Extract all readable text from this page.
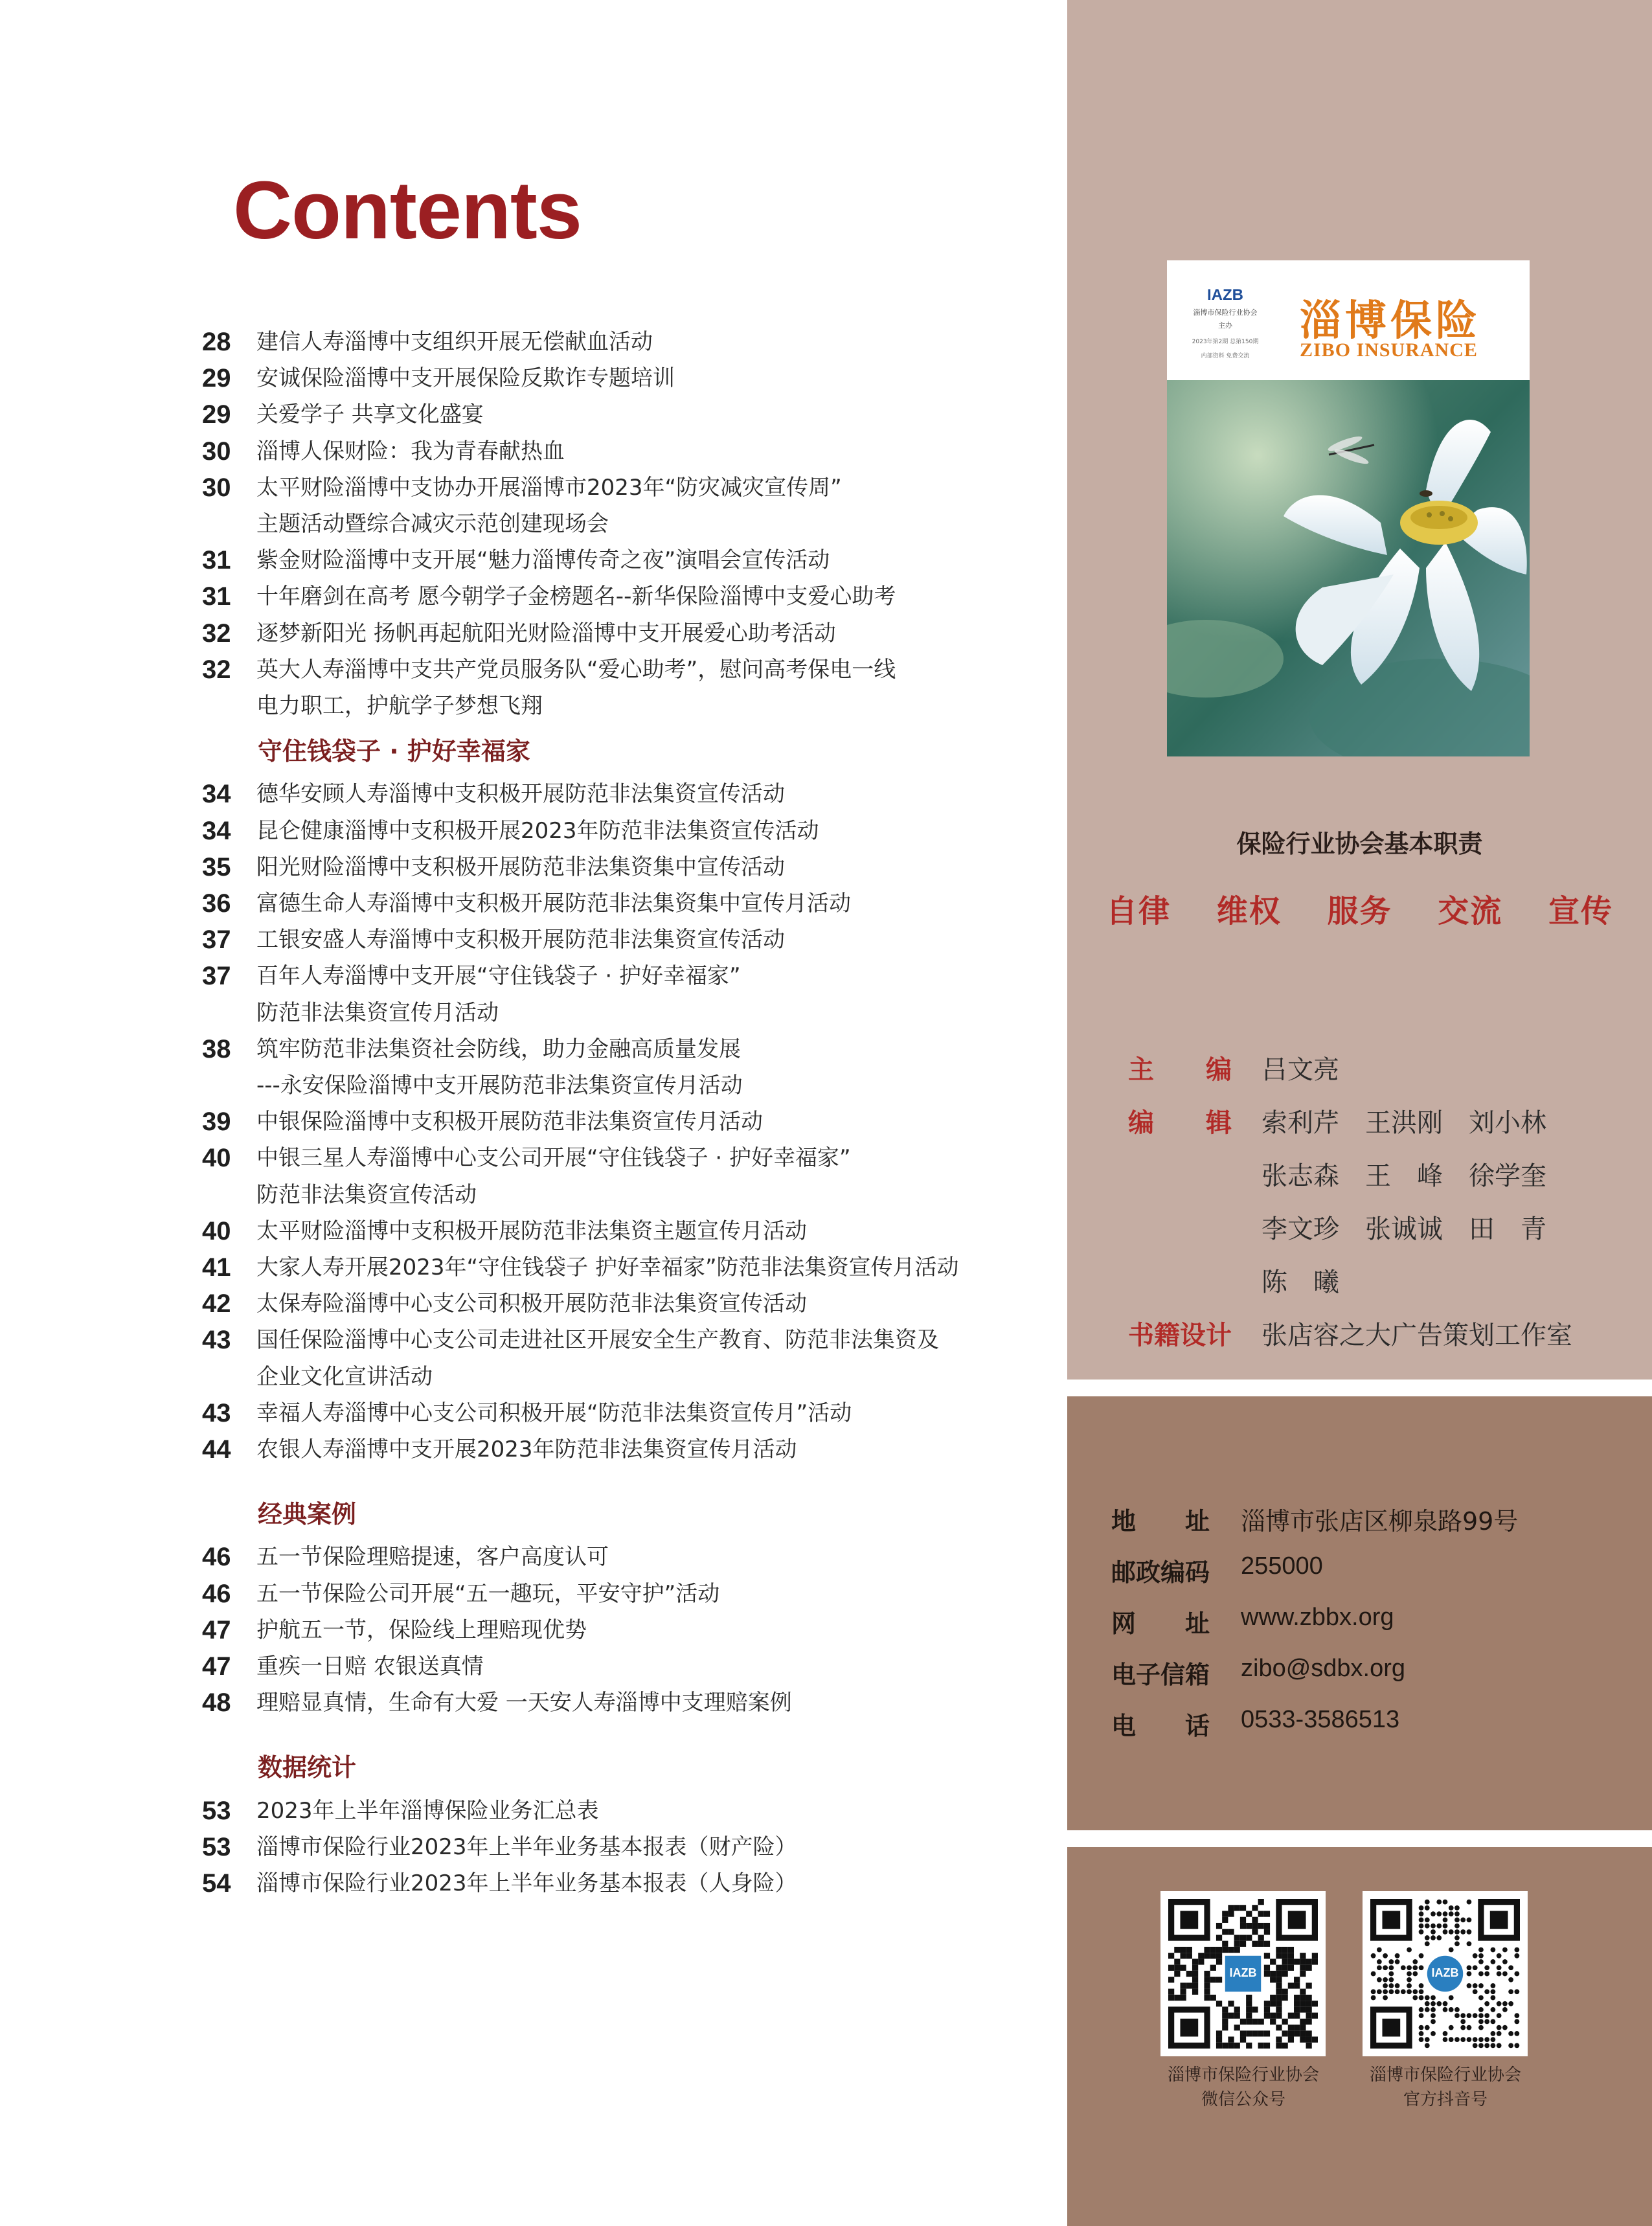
Contents
28 建信人寿淄博中支组织开展无偿献血活动
29 安诚保险淄博中支开展保险反欺诈专题培训
29 关爱学子 共享文化盛宴
30 淄博人保财险：我为青春献热血
30 太平财险淄博中支协办开展淄博市2023年“防灾减灾宣传周”
主题活动暨综合减灾示范创建现场会
31 紫金财险淄博中支开展“魅力淄博传奇之夜”演唱会宣传活动
31 十年磨剑在高考 愿今朝学子金榜题名--新华保险淄博中支爱心助考
32 逐梦新阳光 扬帆再起航阳光财险淄博中支开展爱心助考活动
32 英大人寿淄博中支共产党员服务队“爱心助考”，慰问高考保电一线
电力职工，护航学子梦想飞翔
守住钱袋子 · 护好幸福家
34 德华安顾人寿淄博中支积极开展防范非法集资宣传活动
34 昆仑健康淄博中支积极开展2023年防范非法集资宣传活动
35 阳光财险淄博中支积极开展防范非法集资集中宣传活动
36 富德生命人寿淄博中支积极开展防范非法集资集中宣传月活动
37 工银安盛人寿淄博中支积极开展防范非法集资宣传活动
37 百年人寿淄博中支开展“守住钱袋子 · 护好幸福家”
防范非法集资宣传月活动
38 筑牢防范非法集资社会防线，助力金融高质量发展
---永安保险淄博中支开展防范非法集资宣传月活动
39 中银保险淄博中支积极开展防范非法集资宣传月活动
40 中银三星人寿淄博中心支公司开展“守住钱袋子 · 护好幸福家”
防范非法集资宣传活动
40 太平财险淄博中支积极开展防范非法集资主题宣传月活动
41 大家人寿开展2023年“守住钱袋子 护好幸福家”防范非法集资宣传月活动
42 太保寿险淄博中心支公司积极开展防范非法集资宣传活动
43 国任保险淄博中心支公司走进社区开展安全生产教育、防范非法集资及
企业文化宣讲活动
43 幸福人寿淄博中心支公司积极开展“防范非法集资宣传月”活动
44 农银人寿淄博中支开展2023年防范非法集资宣传月活动
经典案例
46 五一节保险理赔提速，客户高度认可
46 五一节保险公司开展“五一趣玩，平安守护”活动
47 护航五一节，保险线上理赔现优势
47 重疾一日赔 农银送真情
48 理赔显真情，生命有大爱 一天安人寿淄博中支理赔案例
数据统计
53 2023年上半年淄博保险业务汇总表
53 淄博市保险行业2023年上半年业务基本报表（财产险）
54 淄博市保险行业2023年上半年业务基本报表（人身险）
IAZB
淄博市保险行业协会
主办
2023年第2期 总第150期
内部资料 免费交流
淄博保险
ZIBO INSURANCE
保险行业协会基本职责
自律 维权 服务 交流 宣传
主　　编 吕文亮
编　　辑 索利芹　王洪刚　刘小林
张志森　王　峰　徐学奎
李文珍　张诚诚　田　青
陈　曦
书籍设计 张店容之大广告策划工作室
地　　址 淄博市张店区柳泉路99号
邮政编码 255000
网　　址 www.zbbx.org
电子信箱 zibo@sdbx.org
电　　话 0533-3586513
IAZB
淄博市保险行业协会
微信公众号
IAZB
淄博市保险行业协会
官方抖音号
